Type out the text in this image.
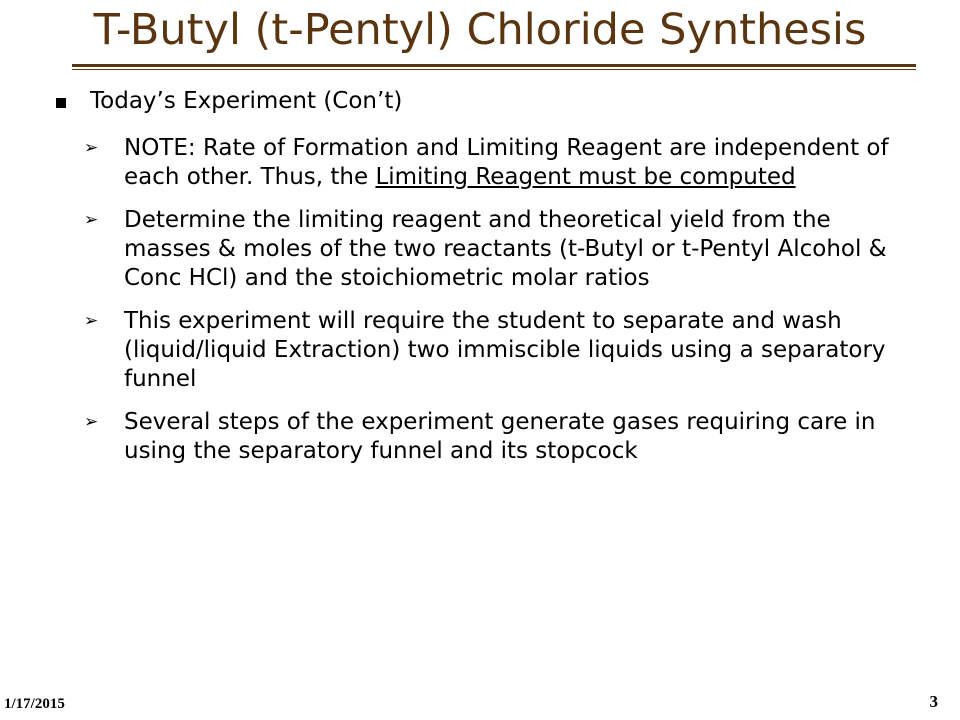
T-Butyl (t-Pentyl) Chloride Synthesis
Today’s Experiment (Con’t)
➢ NOTE: Rate of Formation and Limiting Reagent are independent of each other. Thus, the Limiting Reagent must be computed
➢ Determine the limiting reagent and theoretical yield from the masses & moles of the two reactants (t-Butyl or t-Pentyl Alcohol & Conc HCl) and the stoichiometric molar ratios
➢ This experiment will require the student to separate and wash (liquid/liquid Extraction) two immiscible liquids using a separatory funnel
➢ Several steps of the experiment generate gases requiring care in using the separatory funnel and its stopcock
1/17/2015	3
